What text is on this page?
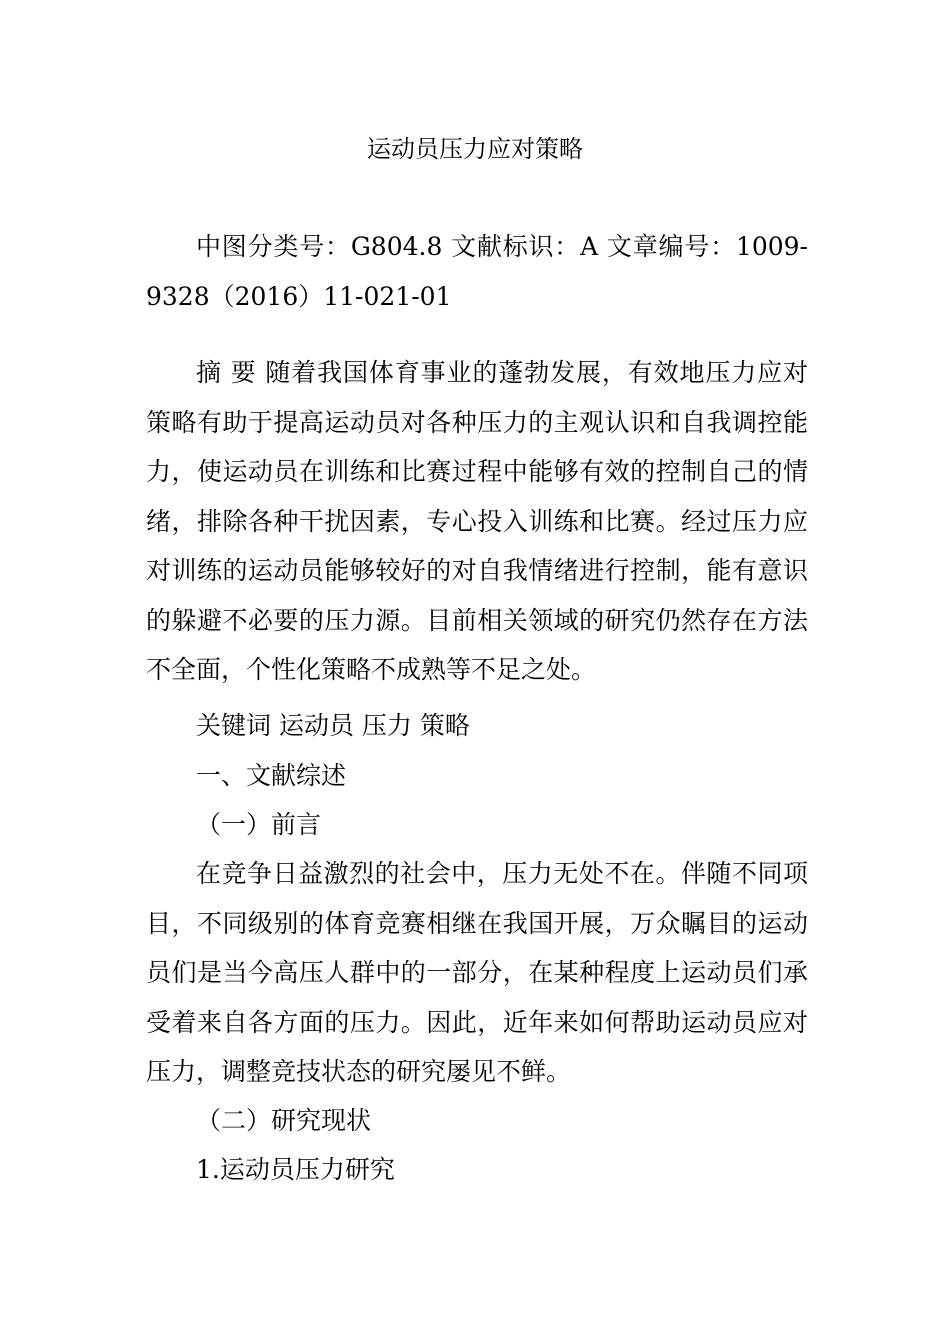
运动员压力应对策略

中图分类号：G804.8 文献标识：A 文章编号：1009-9328（2016）11-021-01

摘 要 随着我国体育事业的蓬勃发展，有效地压力应对策略有助于提高运动员对各种压力的主观认识和自我调控能力，使运动员在训练和比赛过程中能够有效的控制自己的情绪，排除各种干扰因素，专心投入训练和比赛。经过压力应对训练的运动员能够较好的对自我情绪进行控制，能有意识的躲避不必要的压力源。目前相关领域的研究仍然存在方法不全面，个性化策略不成熟等不足之处。

关键词 运动员 压力 策略
一、文献综述
（一）前言

在竞争日益激烈的社会中，压力无处不在。伴随不同项目，不同级别的体育竞赛相继在我国开展，万众瞩目的运动员们是当今高压人群中的一部分，在某种程度上运动员们承受着来自各方面的压力。因此，近年来如何帮助运动员应对压力，调整竞技状态的研究屡见不鲜。

（二）研究现状
1.运动员压力研究
